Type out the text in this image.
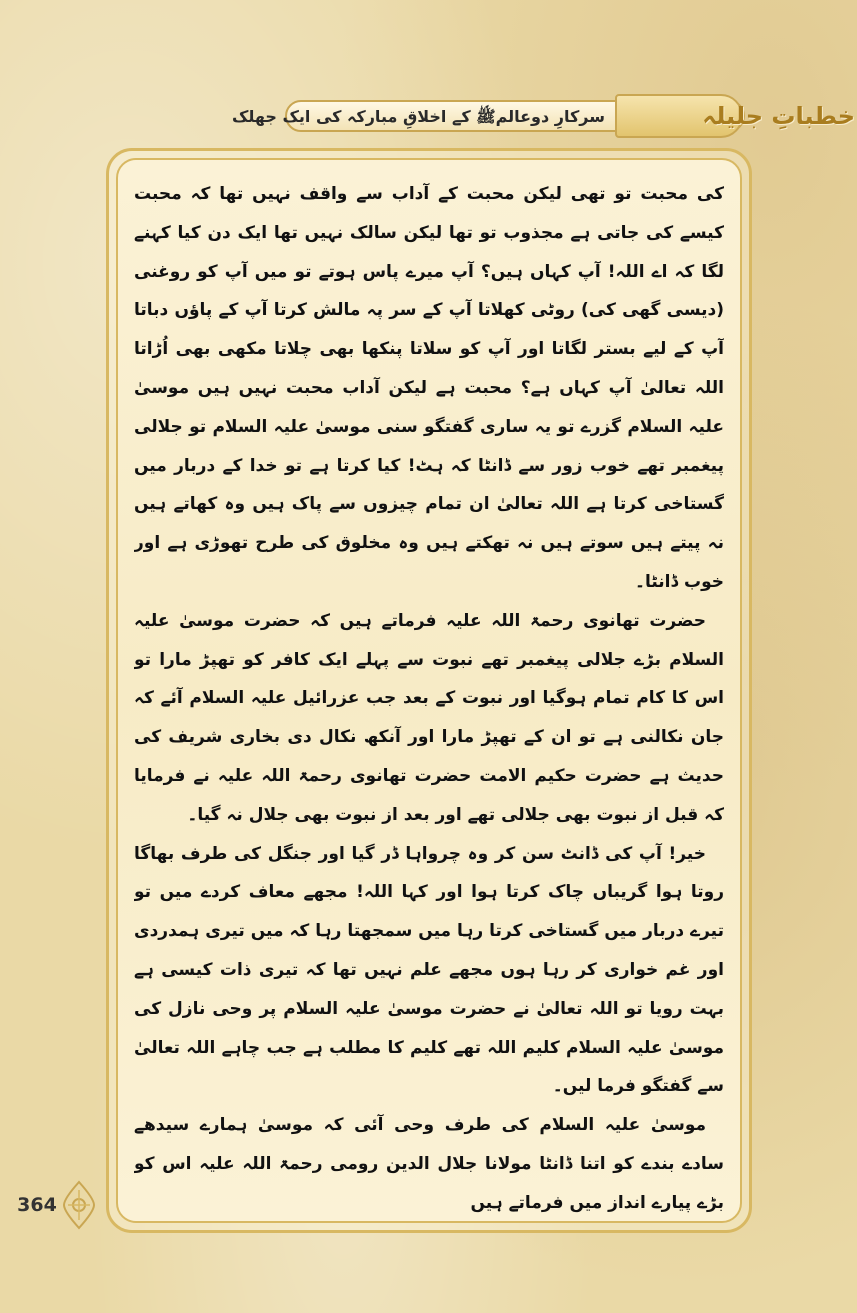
سرکارِ دوعالمﷺ کے اخلاقِ مبارکہ کی ایک جھلک	خطباتِ جلیلہ

کی محبت تو تھی لیکن محبت کے آداب سے واقف نہیں تھا کہ محبت کیسے کی جاتی ہے مجذوب تو تھا لیکن سالک نہیں تھا ایک دن کیا کہنے لگا کہ اے اللہ! آپ کہاں ہیں؟ آپ میرے پاس ہوتے تو میں آپ کو روغنی (دیسی گھی کی) روٹی کھلاتا آپ کے سر پہ مالش کرتا آپ کے پاؤں دباتا آپ کے لیے بستر لگاتا اور آپ کو سلاتا پنکھا بھی چلاتا مکھی بھی اُڑاتا اللہ تعالیٰ آپ کہاں ہے؟ محبت ہے لیکن آداب محبت نہیں ہیں موسیٰ علیہ السلام گزرے تو یہ ساری گفتگو سنی موسیٰ علیہ السلام تو جلالی پیغمبر تھے خوب زور سے ڈانٹا کہ ہٹ! کیا کرتا ہے تو خدا کے دربار میں گستاخی کرتا ہے اللہ تعالیٰ ان تمام چیزوں سے پاک ہیں وہ کھاتے ہیں نہ پیتے ہیں سوتے ہیں نہ تھکتے ہیں وہ مخلوق کی طرح تھوڑی ہے اور خوب ڈانٹا۔

حضرت تھانوی رحمۃ اللہ علیہ فرماتے ہیں کہ حضرت موسیٰ علیہ السلام بڑے جلالی پیغمبر تھے نبوت سے پہلے ایک کافر کو تھپڑ مارا تو اس کا کام تمام ہوگیا اور نبوت کے بعد جب عزرائیل علیہ السلام آئے کہ جان نکالنی ہے تو ان کے تھپڑ مارا اور آنکھ نکال دی بخاری شریف کی حدیث ہے حضرت حکیم الامت حضرت تھانوی رحمۃ اللہ علیہ نے فرمایا کہ قبل از نبوت بھی جلالی تھے اور بعد از نبوت بھی جلال نہ گیا۔

خیر! آپ کی ڈانٹ سن کر وہ چرواہا ڈر گیا اور جنگل کی طرف بھاگا روتا ہوا گریباں چاک کرتا ہوا اور کہا اللہ! مجھے معاف کردے میں تو تیرے دربار میں گستاخی کرتا رہا میں سمجھتا رہا کہ میں تیری ہمدردی اور غم خواری کر رہا ہوں مجھے علم نہیں تھا کہ تیری ذات کیسی ہے بہت رویا تو اللہ تعالیٰ نے حضرت موسیٰ علیہ السلام پر وحی نازل کی موسیٰ علیہ السلام کلیم اللہ تھے کلیم کا مطلب ہے جب چاہے اللہ تعالیٰ سے گفتگو فرما لیں۔

موسیٰ علیہ السلام کی طرف وحی آئی کہ موسیٰ ہمارے سیدھے سادے بندے کو اتنا ڈانٹا مولانا جلال الدین رومی رحمۃ اللہ علیہ اس کو بڑے پیارے انداز میں فرماتے ہیں

364
